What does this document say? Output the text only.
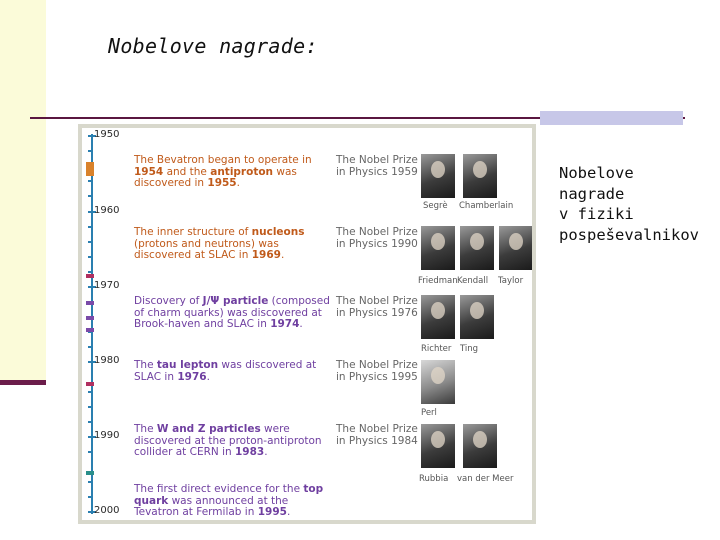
Nobelove nagrade:
1950
1960
1970
1980
1990
2000
The Bevatron began to operate in 1954 and the antiproton was discovered in 1955.
The Nobel Prize in Physics 1959
Segrè Chamberlain
The inner structure of nucleons (protons and neutrons) was discovered at SLAC in 1969.
The Nobel Prize in Physics 1990
Friedman Kendall Taylor
Discovery of J/Ψ particle (composed of charm quarks) was discovered at Brook-haven and SLAC in 1974.
The Nobel Prize in Physics 1976
Richter Ting
The tau lepton was discovered at SLAC in 1976.
The Nobel Prize in Physics 1995
Perl
The W and Z particles were discovered at the proton-antiproton collider at CERN in 1983.
The Nobel Prize in Physics 1984
Rubbia van der Meer
The first direct evidence for the top quark was announced at the Tevatron at Fermilab in 1995.
Nobelove
nagrade
v fiziki
pospeševalnikov
